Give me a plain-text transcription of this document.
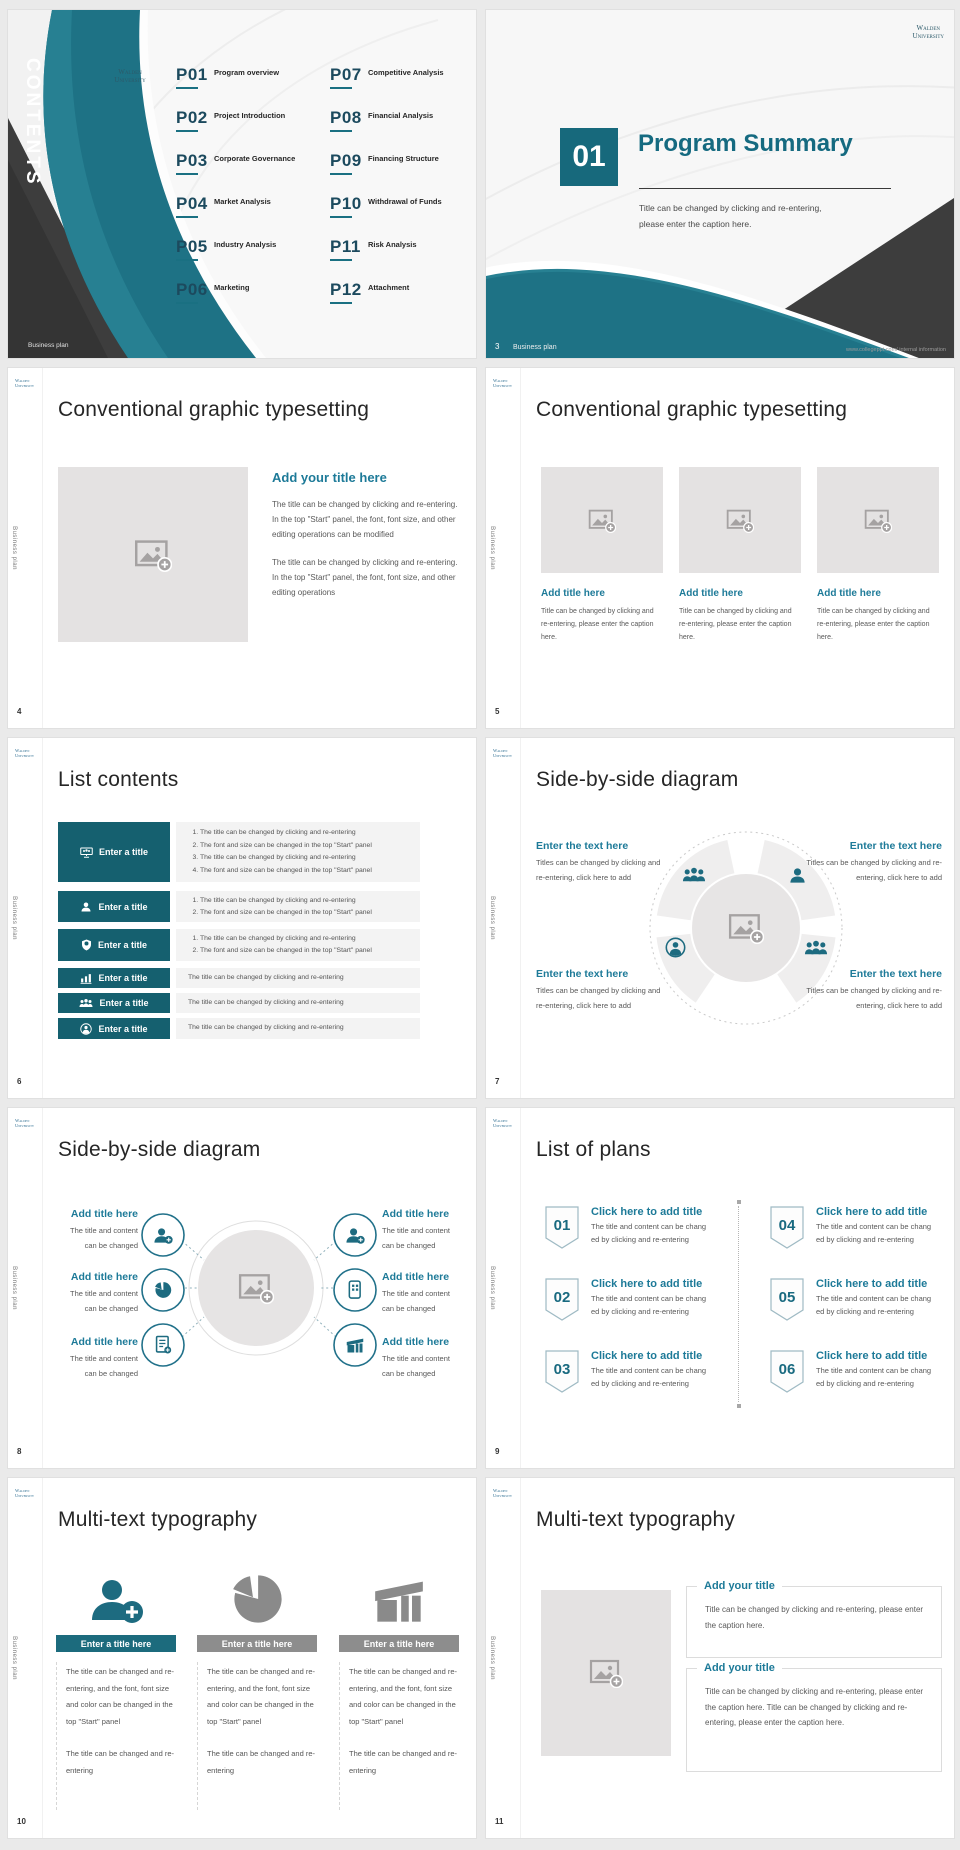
CONTENTS	Walden
University	P01 Program overview
P02 Project Introduction
P03 Corporate Governance
P04 Market Analysis
P05 Industry Analysis
P06 Marketing
P07 Competitive Analysis
P08 Financial Analysis
P09 Financing Structure
P10 Withdrawal of Funds
P11 Risk Analysis
P12 Attachment
Business plan
Walden
University
01	Program Summary
Title can be changed by clicking and re-entering,
please enter the caption here.
3 Business plan	www.collegeppt.com/ internal information
Walden
University
Business plan
4
Conventional graphic typesetting
Add your title here

The title can be changed by clicking and re-entering. In the top "Start" panel, the font, font size, and other editing operations can be modified

The title can be changed by clicking and re-entering. In the top "Start" panel, the font, font size, and other editing operations

Walden
University
Business plan
5
Conventional graphic typesetting
Add title here

Title can be changed by clicking and re-entering, please enter the caption here.

Add title here

Title can be changed by clicking and re-entering, please enter the caption here.

Add title here

Title can be changed by clicking and re-entering, please enter the caption here.

Walden
University
Business plan
6
List contents
Enter a title
1. The title can be changed by clicking and re-entering
2. The font and size can be changed in the top "Start" panel
3. The title can be changed by clicking and re-entering
4. The font and size can be changed in the top "Start" panel
Enter a title
1. The title can be changed by clicking and re-entering
2. The font and size can be changed in the top "Start" panel
Enter a title
1. The title can be changed by clicking and re-entering
2. The font and size can be changed in the top "Start" panel
Enter a title	The title can be changed by clicking and re-entering
Enter a title	The title can be changed by clicking and re-entering
Enter a title	The title can be changed by clicking and re-entering
Walden
University
Business plan
7
Side-by-side diagram
Enter the text here

Titles can be changed by clicking and re-entering, click here to add

Enter the text here

Titles can be changed by clicking and re-entering, click here to add

Enter the text here

Titles can be changed by clicking and re-entering, click here to add

Enter the text here

Titles can be changed by clicking and re-entering, click here to add

Walden
University
Business plan
8
Side-by-side diagram
Add title here

The title and content
can be changed

Add title here

The title and content
can be changed

Add title here

The title and content
can be changed

Add title here

The title and content
can be changed

Add title here

The title and content
can be changed

Add title here

The title and content
can be changed

Walden
University
Business plan
9
List of plans
01
Click here to add title

The title and content can be chang
ed by clicking and re-entering

02
Click here to add title

The title and content can be chang
ed by clicking and re-entering

03
Click here to add title

The title and content can be chang
ed by clicking and re-entering

04
Click here to add title

The title and content can be chang
ed by clicking and re-entering

05
Click here to add title

The title and content can be chang
ed by clicking and re-entering

06
Click here to add title

The title and content can be chang
ed by clicking and re-entering

Walden
University
Business plan
10
Multi-text typography
Enter a title here

The title can be changed and re-entering, and the font, font size and color can be changed in the top "Start" panel

The title can be changed and re-entering

Enter a title here

The title can be changed and re-entering, and the font, font size and color can be changed in the top "Start" panel

The title can be changed and re-entering

Enter a title here

The title can be changed and re-entering, and the font, font size and color can be changed in the top "Start" panel

The title can be changed and re-entering

Walden
University
Business plan
11
Multi-text typography
Add your title

Title can be changed by clicking and re-entering, please enter the caption here.

Add your title

Title can be changed by clicking and re-entering, please enter the caption here. Title can be changed by clicking and re-entering, please enter the caption here.
